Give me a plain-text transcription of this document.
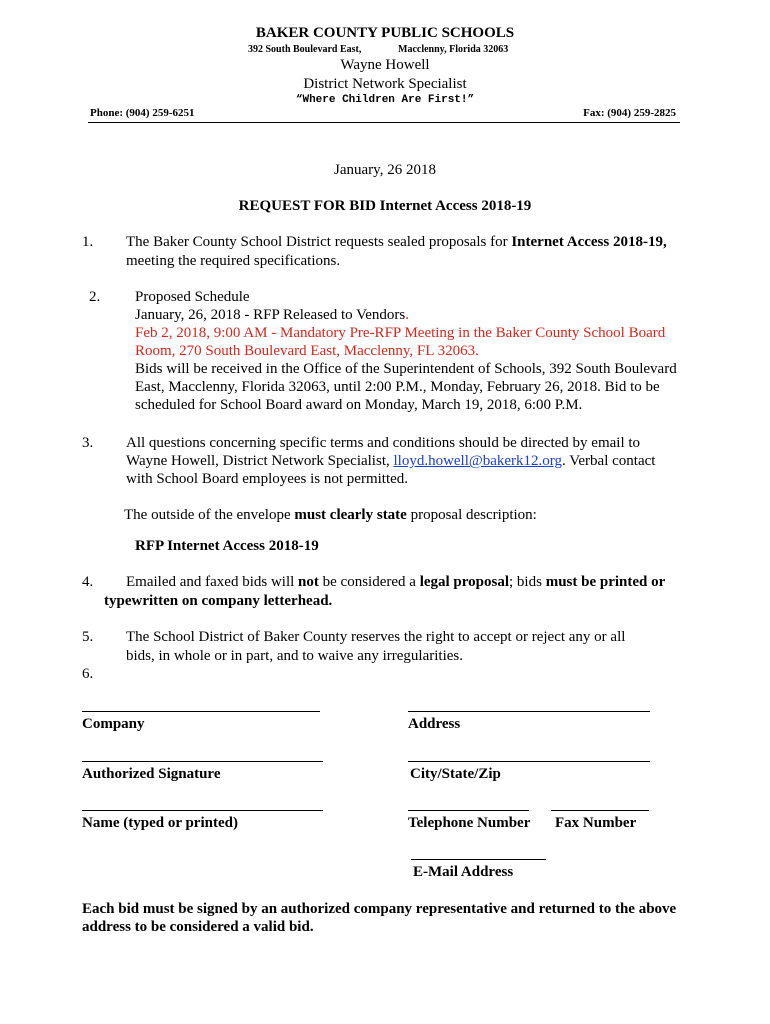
BAKER COUNTY PUBLIC SCHOOLS
392 South Boulevard East,	Macclenny, Florida 32063
Wayne Howell
District Network Specialist
“Where Children Are First!”
Phone: (904) 259-6251	Fax: (904) 259-2825
January, 26 2018
REQUEST FOR BID Internet Access 2018-19
1. The Baker County School District requests sealed proposals for Internet Access 2018-19,
meeting the required specifications.
2. Proposed Schedule
January, 26, 2018 - RFP Released to Vendors.
Feb 2, 2018, 9:00 AM - Mandatory Pre-RFP Meeting in the Baker County School Board
Room, 270 South Boulevard East, Macclenny, FL 32063.
Bids will be received in the Office of the Superintendent of Schools, 392 South Boulevard
East, Macclenny, Florida 32063, until 2:00 P.M., Monday, February 26, 2018. Bid to be
scheduled for School Board award on Monday, March 19, 2018, 6:00 P.M.
3. All questions concerning specific terms and conditions should be directed by email to
Wayne Howell, District Network Specialist, lloyd.howell@bakerk12.org. Verbal contact
with School Board employees is not permitted.
The outside of the envelope must clearly state proposal description:
RFP Internet Access 2018-19
4. Emailed and faxed bids will not be considered a legal proposal; bids must be printed or
typewritten on company letterhead.
5. The School District of Baker County reserves the right to accept or reject any or all
bids, in whole or in part, and to waive any irregularities.
6.
Company	Address
Authorized Signature	City/State/Zip
Name (typed or printed)	Telephone Number Fax Number
E-Mail Address
Each bid must be signed by an authorized company representative and returned to the above
address to be considered a valid bid.
